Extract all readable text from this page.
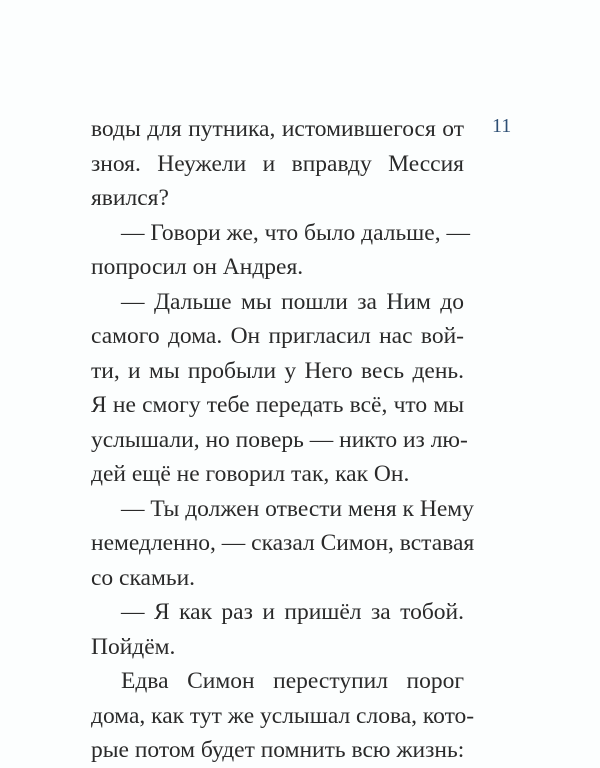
11
воды для путника, истомившегося от
зноя. Неужели и вправду Мессия
явился?
— Говори же, что было дальше, —
попросил он Андрея.
— Дальше мы пошли за Ним до
самого дома. Он пригласил нас вой-
ти, и мы пробыли у Него весь день.
Я не смогу тебе передать всё, что мы
услышали, но поверь — никто из лю-
дей ещё не говорил так, как Он.
— Ты должен отвести меня к Нему
немедленно, — сказал Симон, вставая
со скамьи.
— Я как раз и пришёл за тобой.
Пойдём.
Едва Симон переступил порог
дома, как тут же услышал слова, кото-
рые потом будет помнить всю жизнь:
